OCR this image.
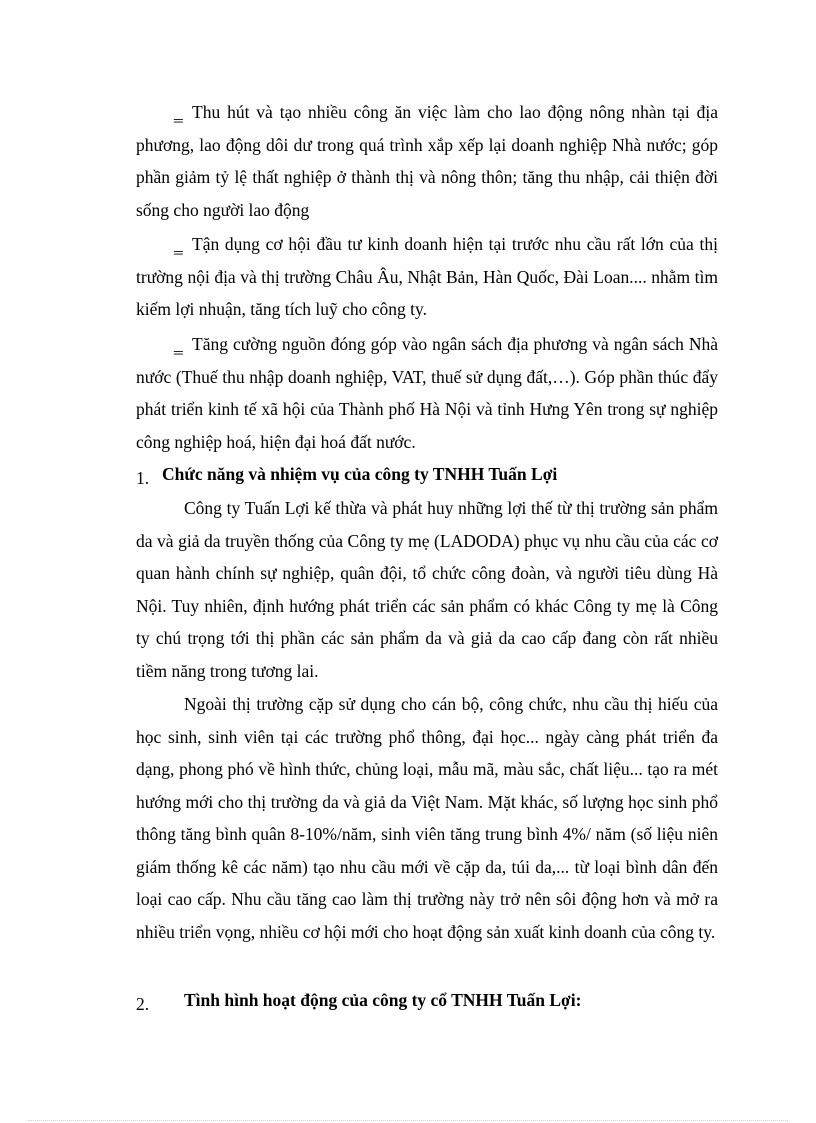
‗ Thu hút và tạo nhiều công ăn việc làm cho lao động nông nhàn tại địa phương, lao động dôi dư trong quá trình xắp xếp lại doanh nghiệp Nhà nước; góp phần giảm tỷ lệ thất nghiệp ở thành thị và nông thôn; tăng thu nhập, cải thiện đời sống cho người lao động

‗ Tận dụng cơ hội đầu tư kinh doanh hiện tại trước nhu cầu rất lớn của thị trường nội địa và thị trường Châu Âu, Nhật Bản, Hàn Quốc, Đài Loan.... nhằm tìm kiếm lợi nhuận, tăng tích luỹ cho công ty.

‗ Tăng cường nguồn đóng góp vào ngân sách địa phương và ngân sách Nhà nước (Thuế thu nhập doanh nghiệp, VAT, thuế sử dụng đất,…). Góp phần thúc đẩy phát triển kinh tế xã hội của Thành phố Hà Nội và tỉnh Hưng Yên trong sự nghiệp công nghiệp hoá, hiện đại hoá đất nước.

1. Chức năng và nhiệm vụ của công ty TNHH Tuấn Lợi

Công ty Tuấn Lợi kế thừa và phát huy những lợi thế từ thị trường sản phẩm da và giả da truyền thống của Công ty mẹ (LADODA) phục vụ nhu cầu của các cơ quan hành chính sự nghiệp, quân đội, tổ chức công đoàn, và người tiêu dùng Hà Nội. Tuy nhiên, định hướng phát triển các sản phẩm có khác Công ty mẹ là Công ty chú trọng tới thị phần các sản phẩm da và giả da cao cấp đang còn rất nhiều tiềm năng trong tương lai.

Ngoài thị trường cặp sử dụng cho cán bộ, công chức, nhu cầu thị hiếu của học sinh, sinh viên tại các trường phổ thông, đại học... ngày càng phát triển đa dạng, phong phó về hình thức, chủng loại, mẫu mã, màu sắc, chất liệu... tạo ra mét hướng mới cho thị trường da và giả da Việt Nam. Mặt khác, số lượng học sinh phổ thông tăng bình quân 8-10%/năm, sinh viên tăng trung bình 4%/ năm (số liệu niên giám thống kê các năm) tạo nhu cầu mới về cặp da, túi da,... từ loại bình dân đến loại cao cấp. Nhu cầu tăng cao làm thị trường này trở nên sôi động hơn và mở ra nhiều triển vọng, nhiều cơ hội mới cho hoạt động sản xuất kinh doanh của công ty.

2. Tình hình hoạt động của công ty cổ TNHH Tuấn Lợi:
